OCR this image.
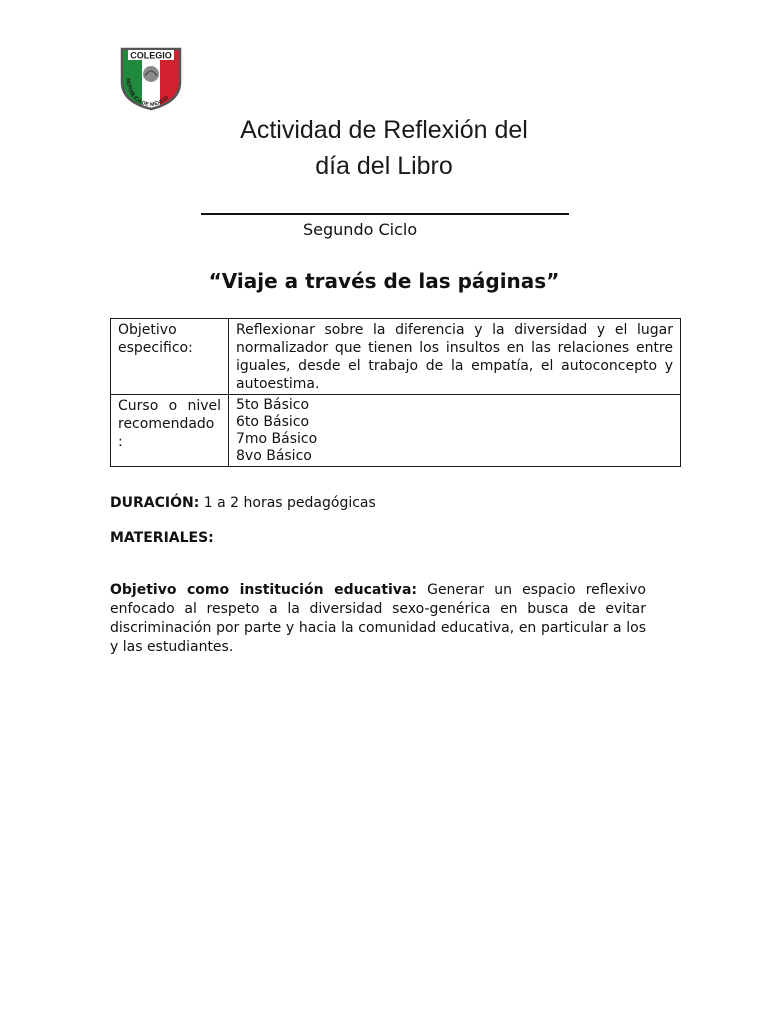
COLEGIO
REPÚBLICA DE MÉXICO
Actividad de Reflexión del
día del Libro
Segundo Ciclo
“Viaje a través de las páginas”
Objetivo especifico:	Reflexionar sobre la diferencia y la diversidad y el lugar normalizador que tienen los insultos en las relaciones entre iguales, desde el trabajo de la empatía, el autoconcepto y autoestima.
Curso o nivel recomendado :	5to Básico
6to Básico
7mo Básico
8vo Básico
DURACIÓN: 1 a 2 horas pedagógicas
MATERIALES:
Objetivo como institución educativa: Generar un espacio reflexivo enfocado al respeto a la diversidad sexo-genérica en busca de evitar discriminación por parte y hacia la comunidad educativa, en particular a los y las estudiantes.
